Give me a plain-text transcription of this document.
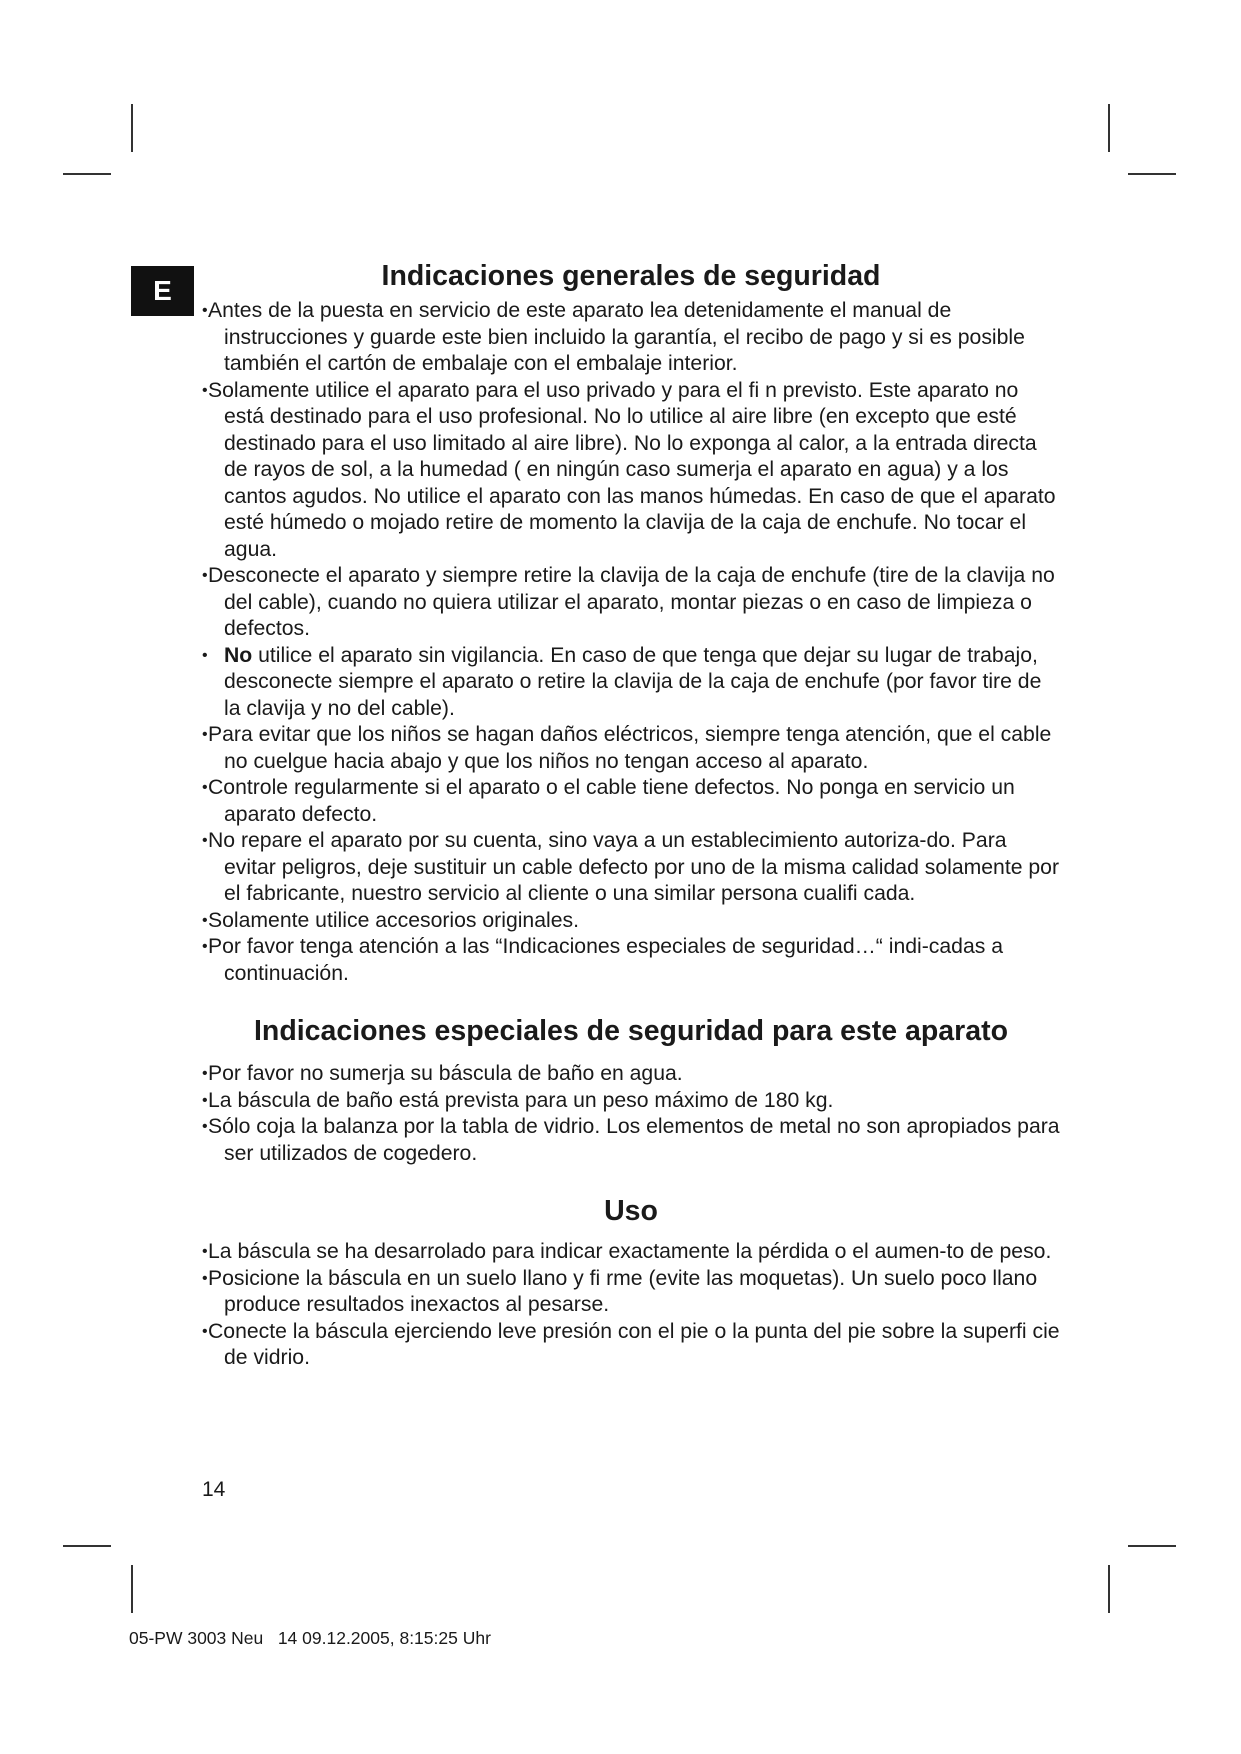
E	Indicaciones generales de seguridad
• Antes de la puesta en servicio de este aparato lea detenidamente el manual de instrucciones y guarde este bien incluido la garantía, el recibo de pago y si es posible también el cartón de embalaje con el embalaje interior.
• Solamente utilice el aparato para el uso privado y para el fi n previsto. Este aparato no está destinado para el uso profesional. No lo utilice al aire libre (en excepto que esté destinado para el uso limitado al aire libre). No lo exponga al calor, a la entrada directa de rayos de sol, a la humedad ( en ningún caso sumerja el aparato en agua) y a los cantos agudos. No utilice el aparato con las manos húmedas. En caso de que el aparato esté húmedo o mojado retire de momento la clavija de la caja de enchufe. No tocar el agua.
• Desconecte el aparato y siempre retire la clavija de la caja de enchufe (tire de la clavija no del cable), cuando no quiera utilizar el aparato, montar piezas o en caso de limpieza o defectos.
• No utilice el aparato sin vigilancia. En caso de que tenga que dejar su lugar de trabajo, desconecte siempre el aparato o retire la clavija de la caja de enchufe (por favor tire de la clavija y no del cable).
• Para evitar que los niños se hagan daños eléctricos, siempre tenga atención, que el cable no cuelgue hacia abajo y que los niños no tengan acceso al aparato.
• Controle regularmente si el aparato o el cable tiene defectos. No ponga en servicio un aparato defecto.
• No repare el aparato por su cuenta, sino vaya a un establecimiento autoriza-do. Para evitar peligros, deje sustituir un cable defecto por uno de la misma calidad solamente por el fabricante, nuestro servicio al cliente o una similar persona cualifi cada.
• Solamente utilice accesorios originales.
• Por favor tenga atención a las “Indicaciones especiales de seguridad…“ indi-cadas a continuación.
Indicaciones especiales de seguridad para este aparato
• Por favor no sumerja su báscula de baño en agua.
• La báscula de baño está prevista para un peso máximo de 180 kg.
• Sólo coja la balanza por la tabla de vidrio. Los elementos de metal no son apropiados para ser utilizados de cogedero.
Uso
• La báscula se ha desarrolado para indicar exactamente la pérdida o el aumen-to de peso.
• Posicione la báscula en un suelo llano y fi rme (evite las moquetas). Un suelo poco llano produce resultados inexactos al pesarse.
• Conecte la báscula ejerciendo leve presión con el pie o la punta del pie sobre la superfi cie de vidrio.
14
05-PW 3003 Neu   14 09.12.2005, 8:15:25 Uhr
